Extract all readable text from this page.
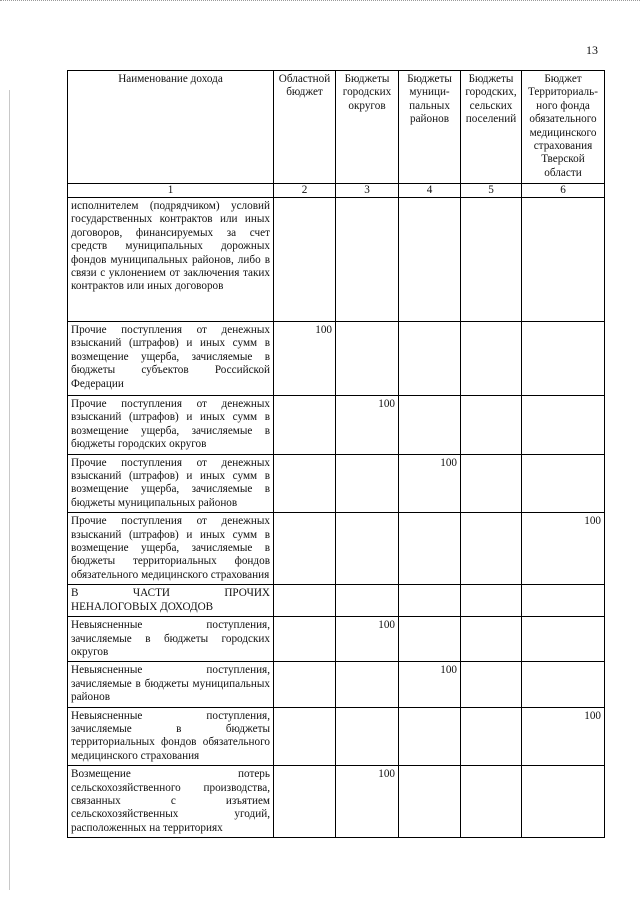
13
Наименование дохода	Областной бюджет	Бюджеты городских округов	Бюджеты муници-пальных районов	Бюджеты городских, сельских поселений	Бюджет Территориаль-ного фонда обязательного медицинского страхования Тверской области
1	2	3	4	5	6
исполнителем (подрядчиком) условий государственных контрактов или иных договоров, финансируемых за счет средств муниципальных дорожных фондов муниципальных районов, либо в связи с уклонением от заключения таких контрактов или иных договоров					
Прочие поступления от денежных взысканий (штрафов) и иных сумм в возмещение ущерба, зачисляемые в бюджеты субъектов Российской Федерации	100				
Прочие поступления от денежных взысканий (штрафов) и иных сумм в возмещение ущерба, зачисляемые в бюджеты городских округов		100			
Прочие поступления от денежных взысканий (штрафов) и иных сумм в возмещение ущерба, зачисляемые в бюджеты муниципальных районов			100		
Прочие поступления от денежных взысканий (штрафов) и иных сумм в возмещение ущерба, зачисляемые в бюджеты территориальных фондов обязательного медицинского страхования					100

В ЧАСТИ ПРОЧИХ
НЕНАЛОГОВЫХ ДОХОДОВ					

Невыясненные поступления, зачисляемые в бюджеты городских округов		100			
Невыясненные поступления, зачисляемые в бюджеты муниципальных районов			100		
Невыясненные поступления, зачисляемые в бюджеты территориальных фондов обязательного медицинского страхования					100
Возмещение потерь сельскохозяйственного производства, связанных с изъятием сельскохозяйственных угодий, расположенных на территориях		100			
